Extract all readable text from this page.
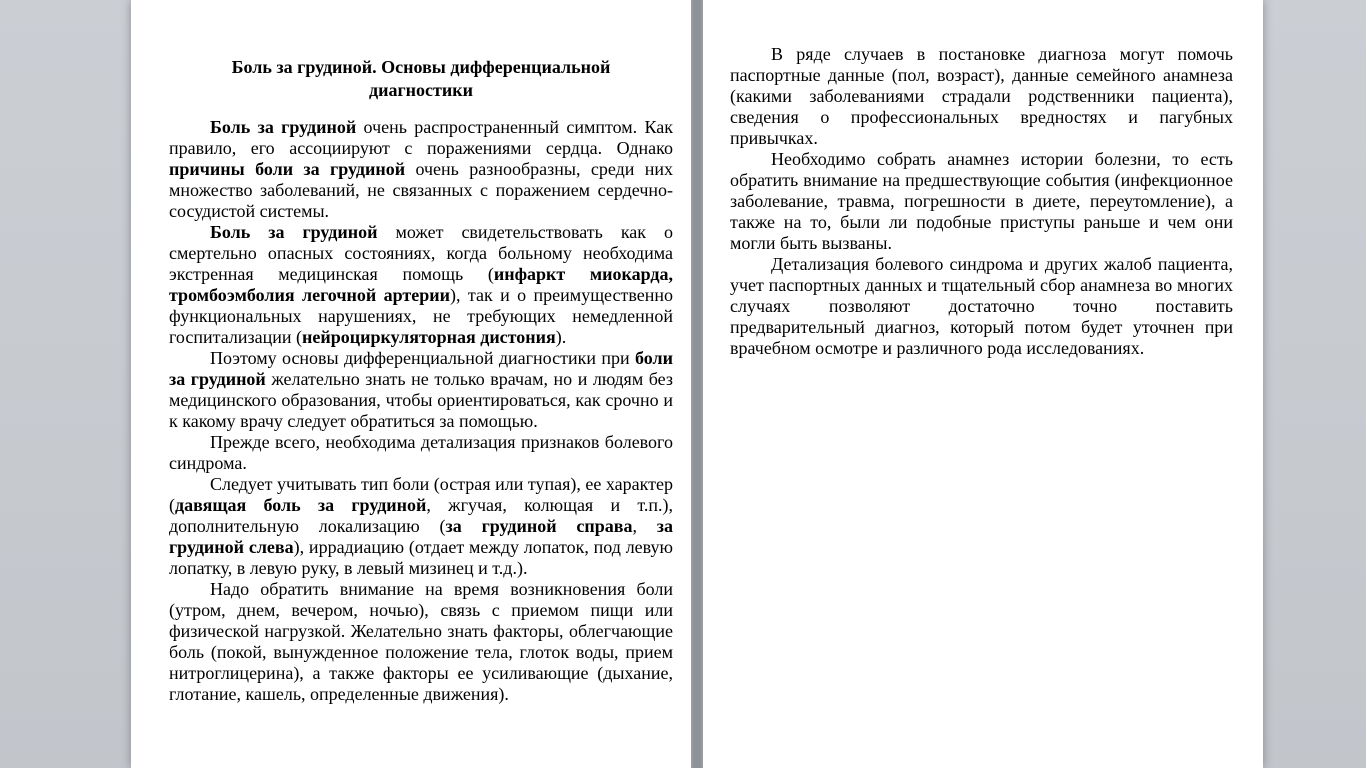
Боль за грудиной. Основы дифференциальной диагностики

Боль за грудиной очень распространенный симптом. Как правило, его ассоциируют с поражениями сердца. Однако причины боли за грудиной очень разнообразны, среди них множество заболеваний, не связанных с поражением сердечно-сосудистой системы.

Боль за грудиной может свидетельствовать как о смертельно опасных состояниях, когда больному необходима экстренная медицинская помощь (инфаркт миокарда, тромбоэмболия легочной артерии), так и о преимущественно функциональных нарушениях, не требующих немедленной госпитализации (нейроциркуляторная дистония).

Поэтому основы дифференциальной диагностики при боли за грудиной желательно знать не только врачам, но и людям без медицинского образования, чтобы ориентироваться, как срочно и к какому врачу следует обратиться за помощью.

Прежде всего, необходима детализация признаков болевого синдрома.

Следует учитывать тип боли (острая или тупая), ее характер (давящая боль за грудиной, жгучая, колющая и т.п.), дополнительную локализацию (за грудиной справа, за грудиной слева), иррадиацию (отдает между лопаток, под левую лопатку, в левую руку, в левый мизинец и т.д.).

Надо обратить внимание на время возникновения боли (утром, днем, вечером, ночью), связь с приемом пищи или физической нагрузкой. Желательно знать факторы, облегчающие боль (покой, вынужденное положение тела, глоток воды, прием нитроглицерина), а также факторы ее усиливающие (дыхание, глотание, кашель, определенные движения).

В ряде случаев в постановке диагноза могут помочь паспортные данные (пол, возраст), данные семейного анамнеза (какими заболеваниями страдали родственники пациента), сведения о профессиональных вредностях и пагубных привычках.

Необходимо собрать анамнез истории болезни, то есть обратить внимание на предшествующие события (инфекционное заболевание, травма, погрешности в диете, переутомление), а также на то, были ли подобные приступы раньше и чем они могли быть вызваны.

Детализация болевого синдрома и других жалоб пациента, учет паспортных данных и тщательный сбор анамнеза во многих случаях позволяют достаточно точно поставить предварительный диагноз, который потом будет уточнен при врачебном осмотре и различного рода исследованиях.
